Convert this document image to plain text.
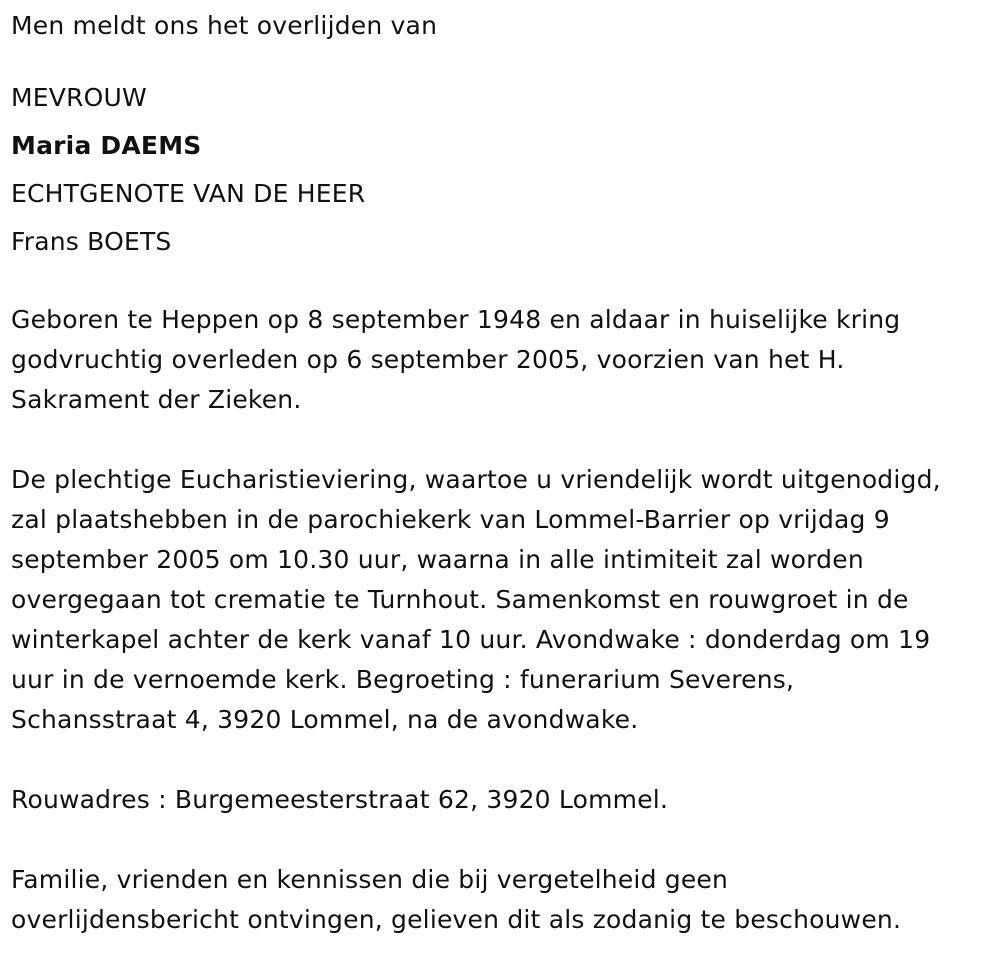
Men meldt ons het overlijden van

MEVROUW

Maria DAEMS

ECHTGENOTE VAN DE HEER

Frans BOETS

Geboren te Heppen op 8 september 1948 en aldaar in huiselijke kring

godvruchtig overleden op 6 september 2005, voorzien van het H.

Sakrament der Zieken.

De plechtige Eucharistieviering, waartoe u vriendelijk wordt uitgenodigd,

zal plaatshebben in de parochiekerk van Lommel-Barrier op vrijdag 9

september 2005 om 10.30 uur, waarna in alle intimiteit zal worden

overgegaan tot crematie te Turnhout. Samenkomst en rouwgroet in de

winterkapel achter de kerk vanaf 10 uur. Avondwake : donderdag om 19

uur in de vernoemde kerk. Begroeting : funerarium Severens,

Schansstraat 4, 3920 Lommel, na de avondwake.

Rouwadres : Burgemeesterstraat 62, 3920 Lommel.

Familie, vrienden en kennissen die bij vergetelheid geen

overlijdensbericht ontvingen, gelieven dit als zodanig te beschouwen.
